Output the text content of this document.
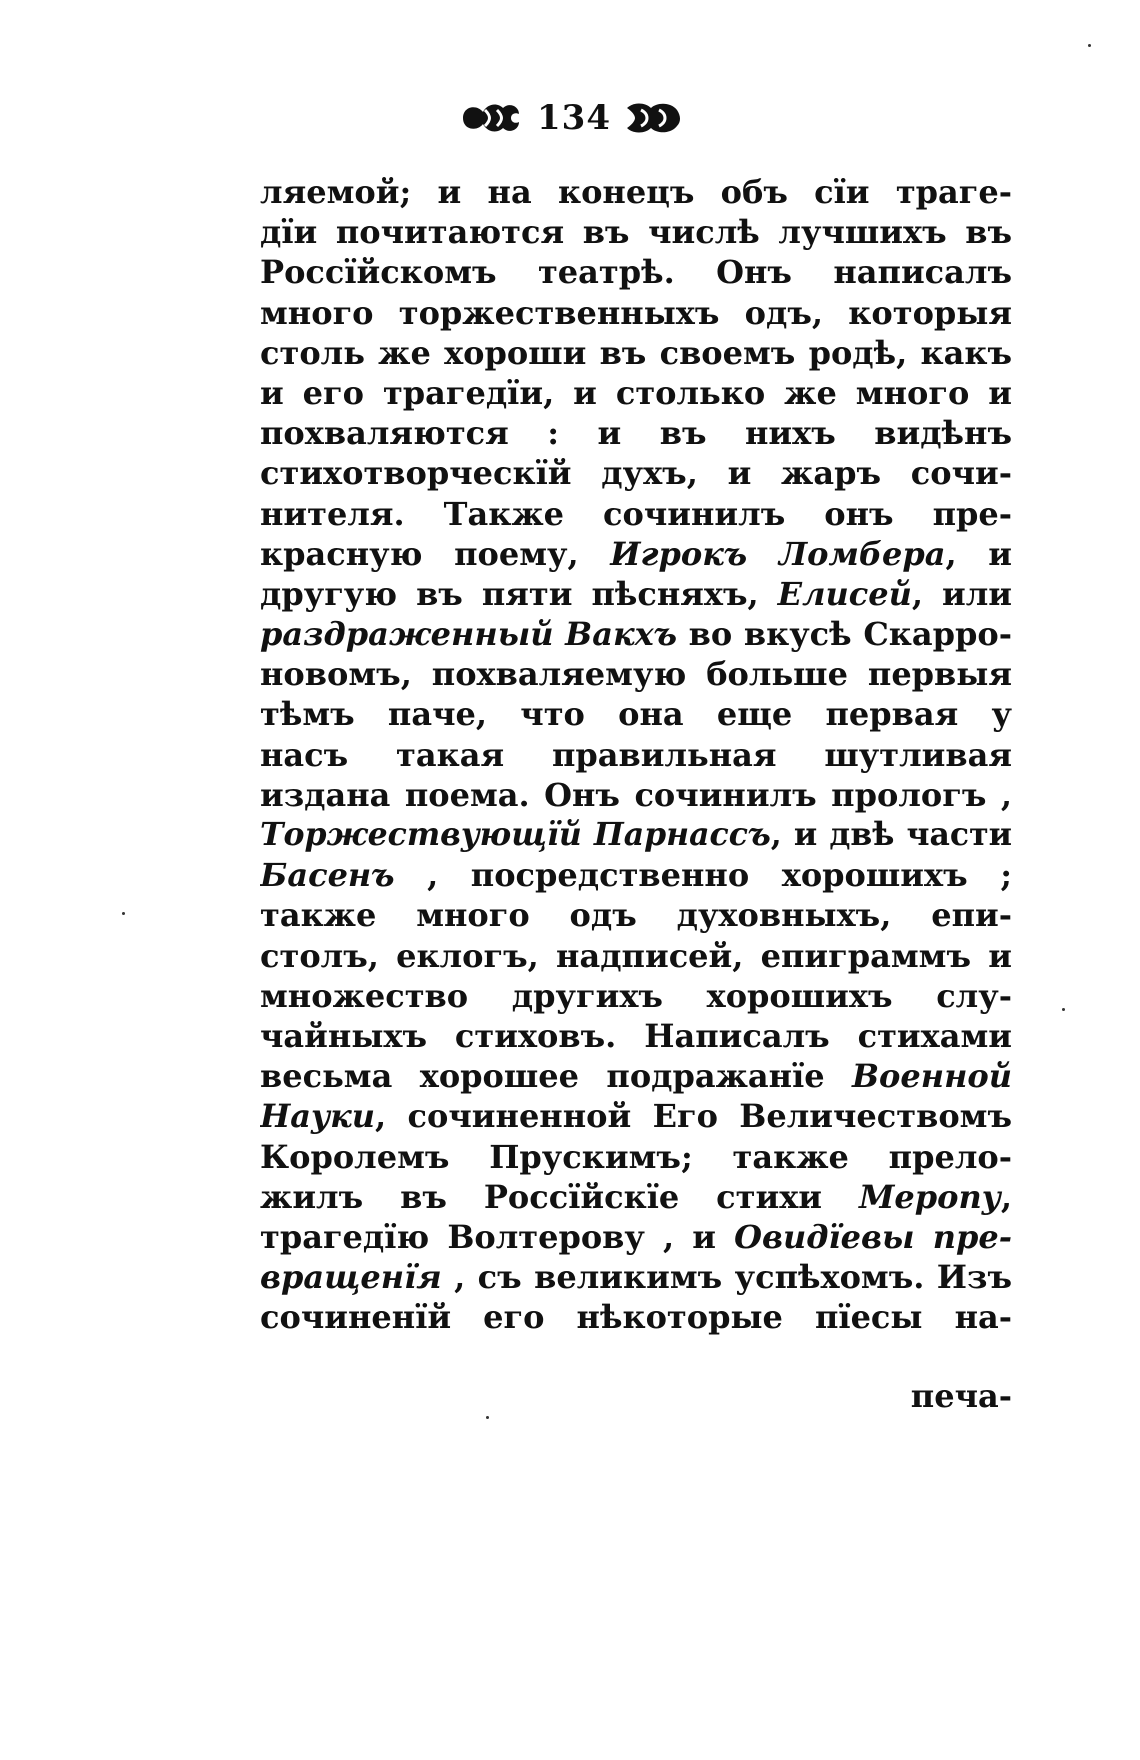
134
ляемой; и на конецъ объ сїи траге-
дїи почитаются въ числѣ лучшихъ въ
Россїйскомъ театрѣ. Онъ написалъ
много торжественныхъ одъ, которыя
столь же хороши въ своемъ родѣ, какъ
и его трагедїи, и столько же много и
похваляются : и въ нихъ видѣнъ
стихотворческїй духъ, и жаръ сочи-
нителя. Также сочинилъ онъ пре-
красную поему, Игрокъ Ломбера, и
другую въ пяти пѣсняхъ, Елисей, или
раздраженный Вакхъ во вкусѣ Скарро-
новомъ, похваляемую больше первыя
тѣмъ паче, что она еще первая у
насъ такая правильная шутливая
издана поема. Онъ сочинилъ прологъ ,
Торжествующїй Парнассъ, и двѣ части
Басенъ , посредственно хорошихъ ;
также много одъ духовныхъ, епи-
столъ, еклогъ, надписей, епиграммъ и
множество другихъ хорошихъ слу-
чайныхъ стиховъ. Написалъ стихами
весьма хорошее подражанїе Военной
Науки, сочиненной Его Величествомъ
Королемъ Прускимъ; также прело-
жилъ въ Россїйскїе стихи Меропу,
трагедїю Волтерову , и Овидїевы пре-
вращенїя , съ великимъ успѣхомъ. Изъ
сочиненїй его нѣкоторые пїесы на-
печа-
